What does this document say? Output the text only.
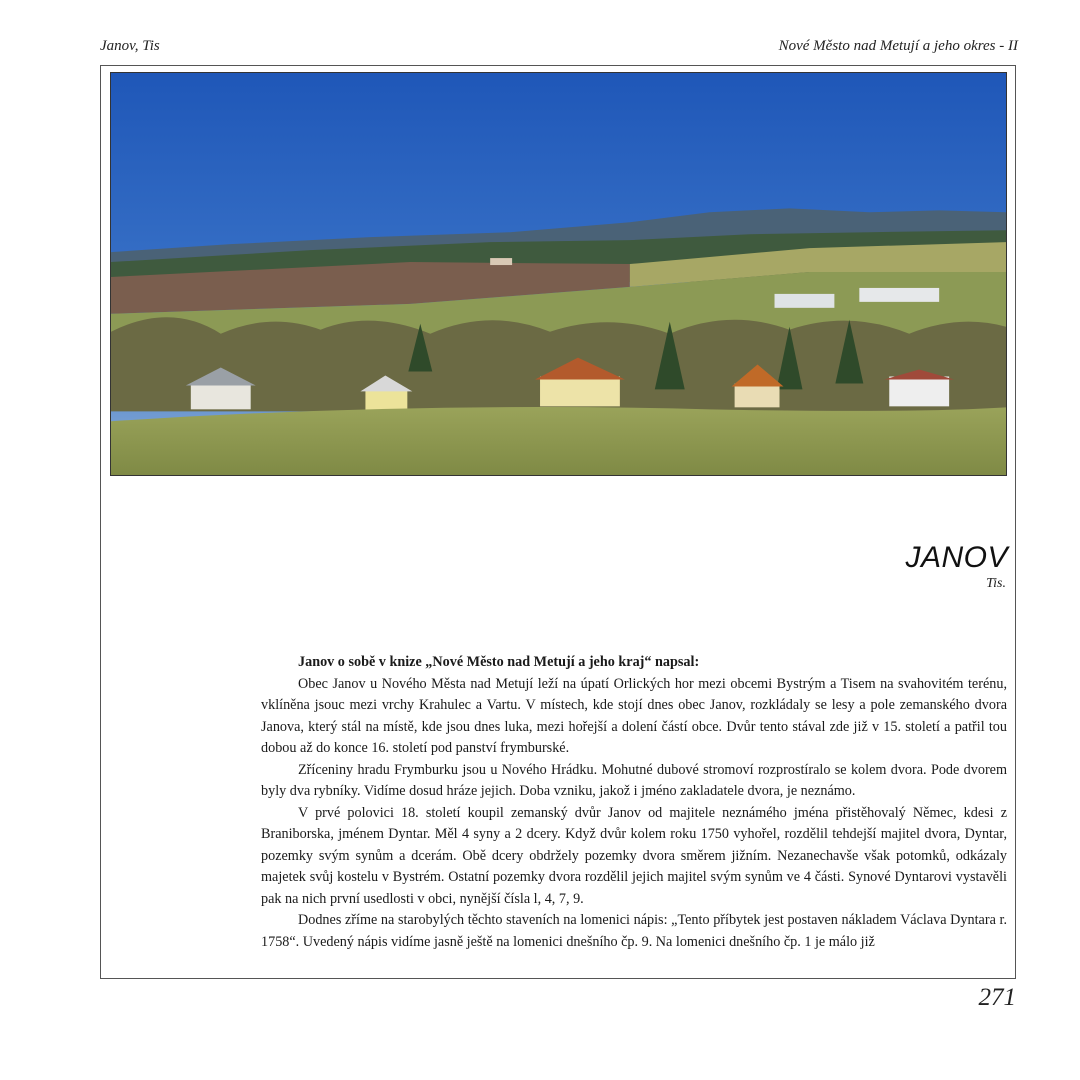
Janov, Tis	Nové Město nad Metují a jeho okres - II
JANOV
Tis.

Janov o sobě v knize „Nové Město nad Metují a jeho kraj“ napsal:

Obec Janov u Nového Města nad Metují leží na úpatí Orlických hor mezi obcemi Bystrým a Tisem na svahovitém terénu, vklíněna jsouc mezi vrchy Krahulec a Vartu. V místech, kde stojí dnes obec Janov, rozkládaly se lesy a pole zemanského dvora Janova, který stál na místě, kde jsou dnes luka, mezi hořejší a dolení částí obce. Dvůr tento stával zde již v 15. století a patřil tou dobou až do konce 16. století pod panství frymburské.

Zříceniny hradu Frymburku jsou u Nového Hrádku. Mohutné dubové stromoví rozprostíralo se kolem dvora. Pode dvorem byly dva rybníky. Vidíme dosud hráze jejich. Doba vzniku, jakož i jméno zakladatele dvora, je neznámo.

V prvé polovici 18. století koupil zemanský dvůr Janov od majitele neznámého jména přistěhovalý Němec, kdesi z Braniborska, jménem Dyntar. Měl 4 syny a 2 dcery. Když dvůr kolem roku 1750 vyhořel, rozdělil tehdejší majitel dvora, Dyntar, pozemky svým synům a dcerám. Obě dcery obdržely pozemky dvora směrem jižním. Nezanechavše však potomků, odkázaly majetek svůj kostelu v Bystrém. Ostatní pozemky dvora rozdělil jejich majitel svým synům ve 4 části. Synové Dyntarovi vystavěli pak na nich první usedlosti v obci, nynější čísla l, 4, 7, 9.

Dodnes zříme na starobylých těchto staveních na lomenici nápis: „Tento příbytek jest postaven nákladem Václava Dyntara r. 1758“. Uvedený nápis vidíme jasně ještě na lomenici dnešního čp. 9. Na lomenici dnešního čp. 1 je málo již

271
